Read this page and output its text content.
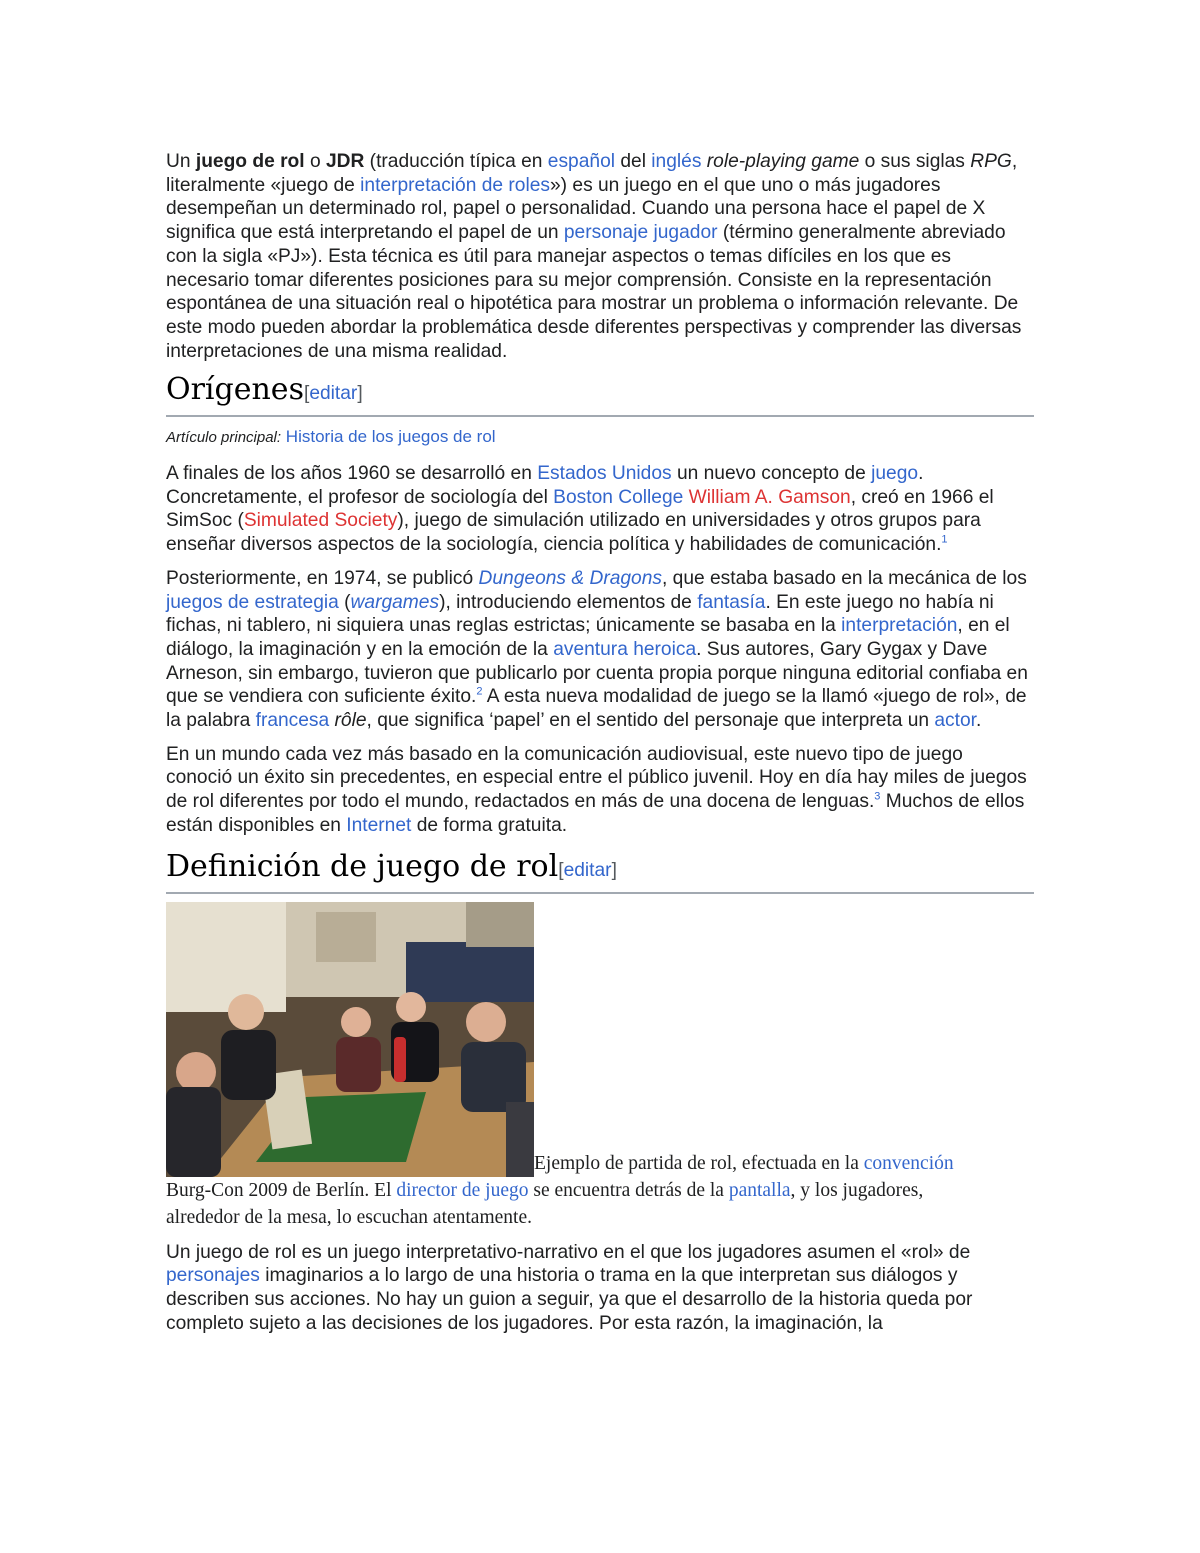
Un juego de rol o JDR (traducción típica en español del inglés role-playing game o sus siglas RPG, literalmente «juego de interpretación de roles») es un juego en el que uno o más jugadores desempeñan un determinado rol, papel o personalidad. Cuando una persona hace el papel de X significa que está interpretando el papel de un personaje jugador (término generalmente abreviado con la sigla «PJ»). Esta técnica es útil para manejar aspectos o temas difíciles en los que es necesario tomar diferentes posiciones para su mejor comprensión. Consiste en la representación espontánea de una situación real o hipotética para mostrar un problema o información relevante. De este modo pueden abordar la problemática desde diferentes perspectivas y comprender las diversas interpretaciones de una misma realidad.

Orígenes[editar]
Artículo principal: Historia de los juegos de rol

A finales de los años 1960 se desarrolló en Estados Unidos un nuevo concepto de juego. Concretamente, el profesor de sociología del Boston College William A. Gamson, creó en 1966 el SimSoc (Simulated Society), juego de simulación utilizado en universidades y otros grupos para enseñar diversos aspectos de la sociología, ciencia política y habilidades de comunicación.$^1$

Posteriormente, en 1974, se publicó Dungeons & Dragons, que estaba basado en la mecánica de los juegos de estrategia (wargames), introduciendo elementos de fantasía. En este juego no había ni fichas, ni tablero, ni siquiera unas reglas estrictas; únicamente se basaba en la interpretación, en el diálogo, la imaginación y en la emoción de la aventura heroica. Sus autores, Gary Gygax y Dave Arneson, sin embargo, tuvieron que publicarlo por cuenta propia porque ninguna editorial confiaba en que se vendiera con suficiente éxito.$^2$ A esta nueva modalidad de juego se la llamó «juego de rol», de la palabra francesa rôle, que significa ‘papel’ en el sentido del personaje que interpreta un actor.

En un mundo cada vez más basado en la comunicación audiovisual, este nuevo tipo de juego conoció un éxito sin precedentes, en especial entre el público juvenil. Hoy en día hay miles de juegos de rol diferentes por todo el mundo, redactados en más de una docena de lenguas.$^3$ Muchos de ellos están disponibles en Internet de forma gratuita.

Definición de juego de rol[editar]
Ejemplo de partida de rol, efectuada en la convención Burg-Con 2009 de Berlín. El director de juego se encuentra detrás de la pantalla, y los jugadores, alrededor de la mesa, lo escuchan atentamente.

Un juego de rol es un juego interpretativo-narrativo en el que los jugadores asumen el «rol» de personajes imaginarios a lo largo de una historia o trama en la que interpretan sus diálogos y describen sus acciones. No hay un guion a seguir, ya que el desarrollo de la historia queda por completo sujeto a las decisiones de los jugadores. Por esta razón, la imaginación, la
